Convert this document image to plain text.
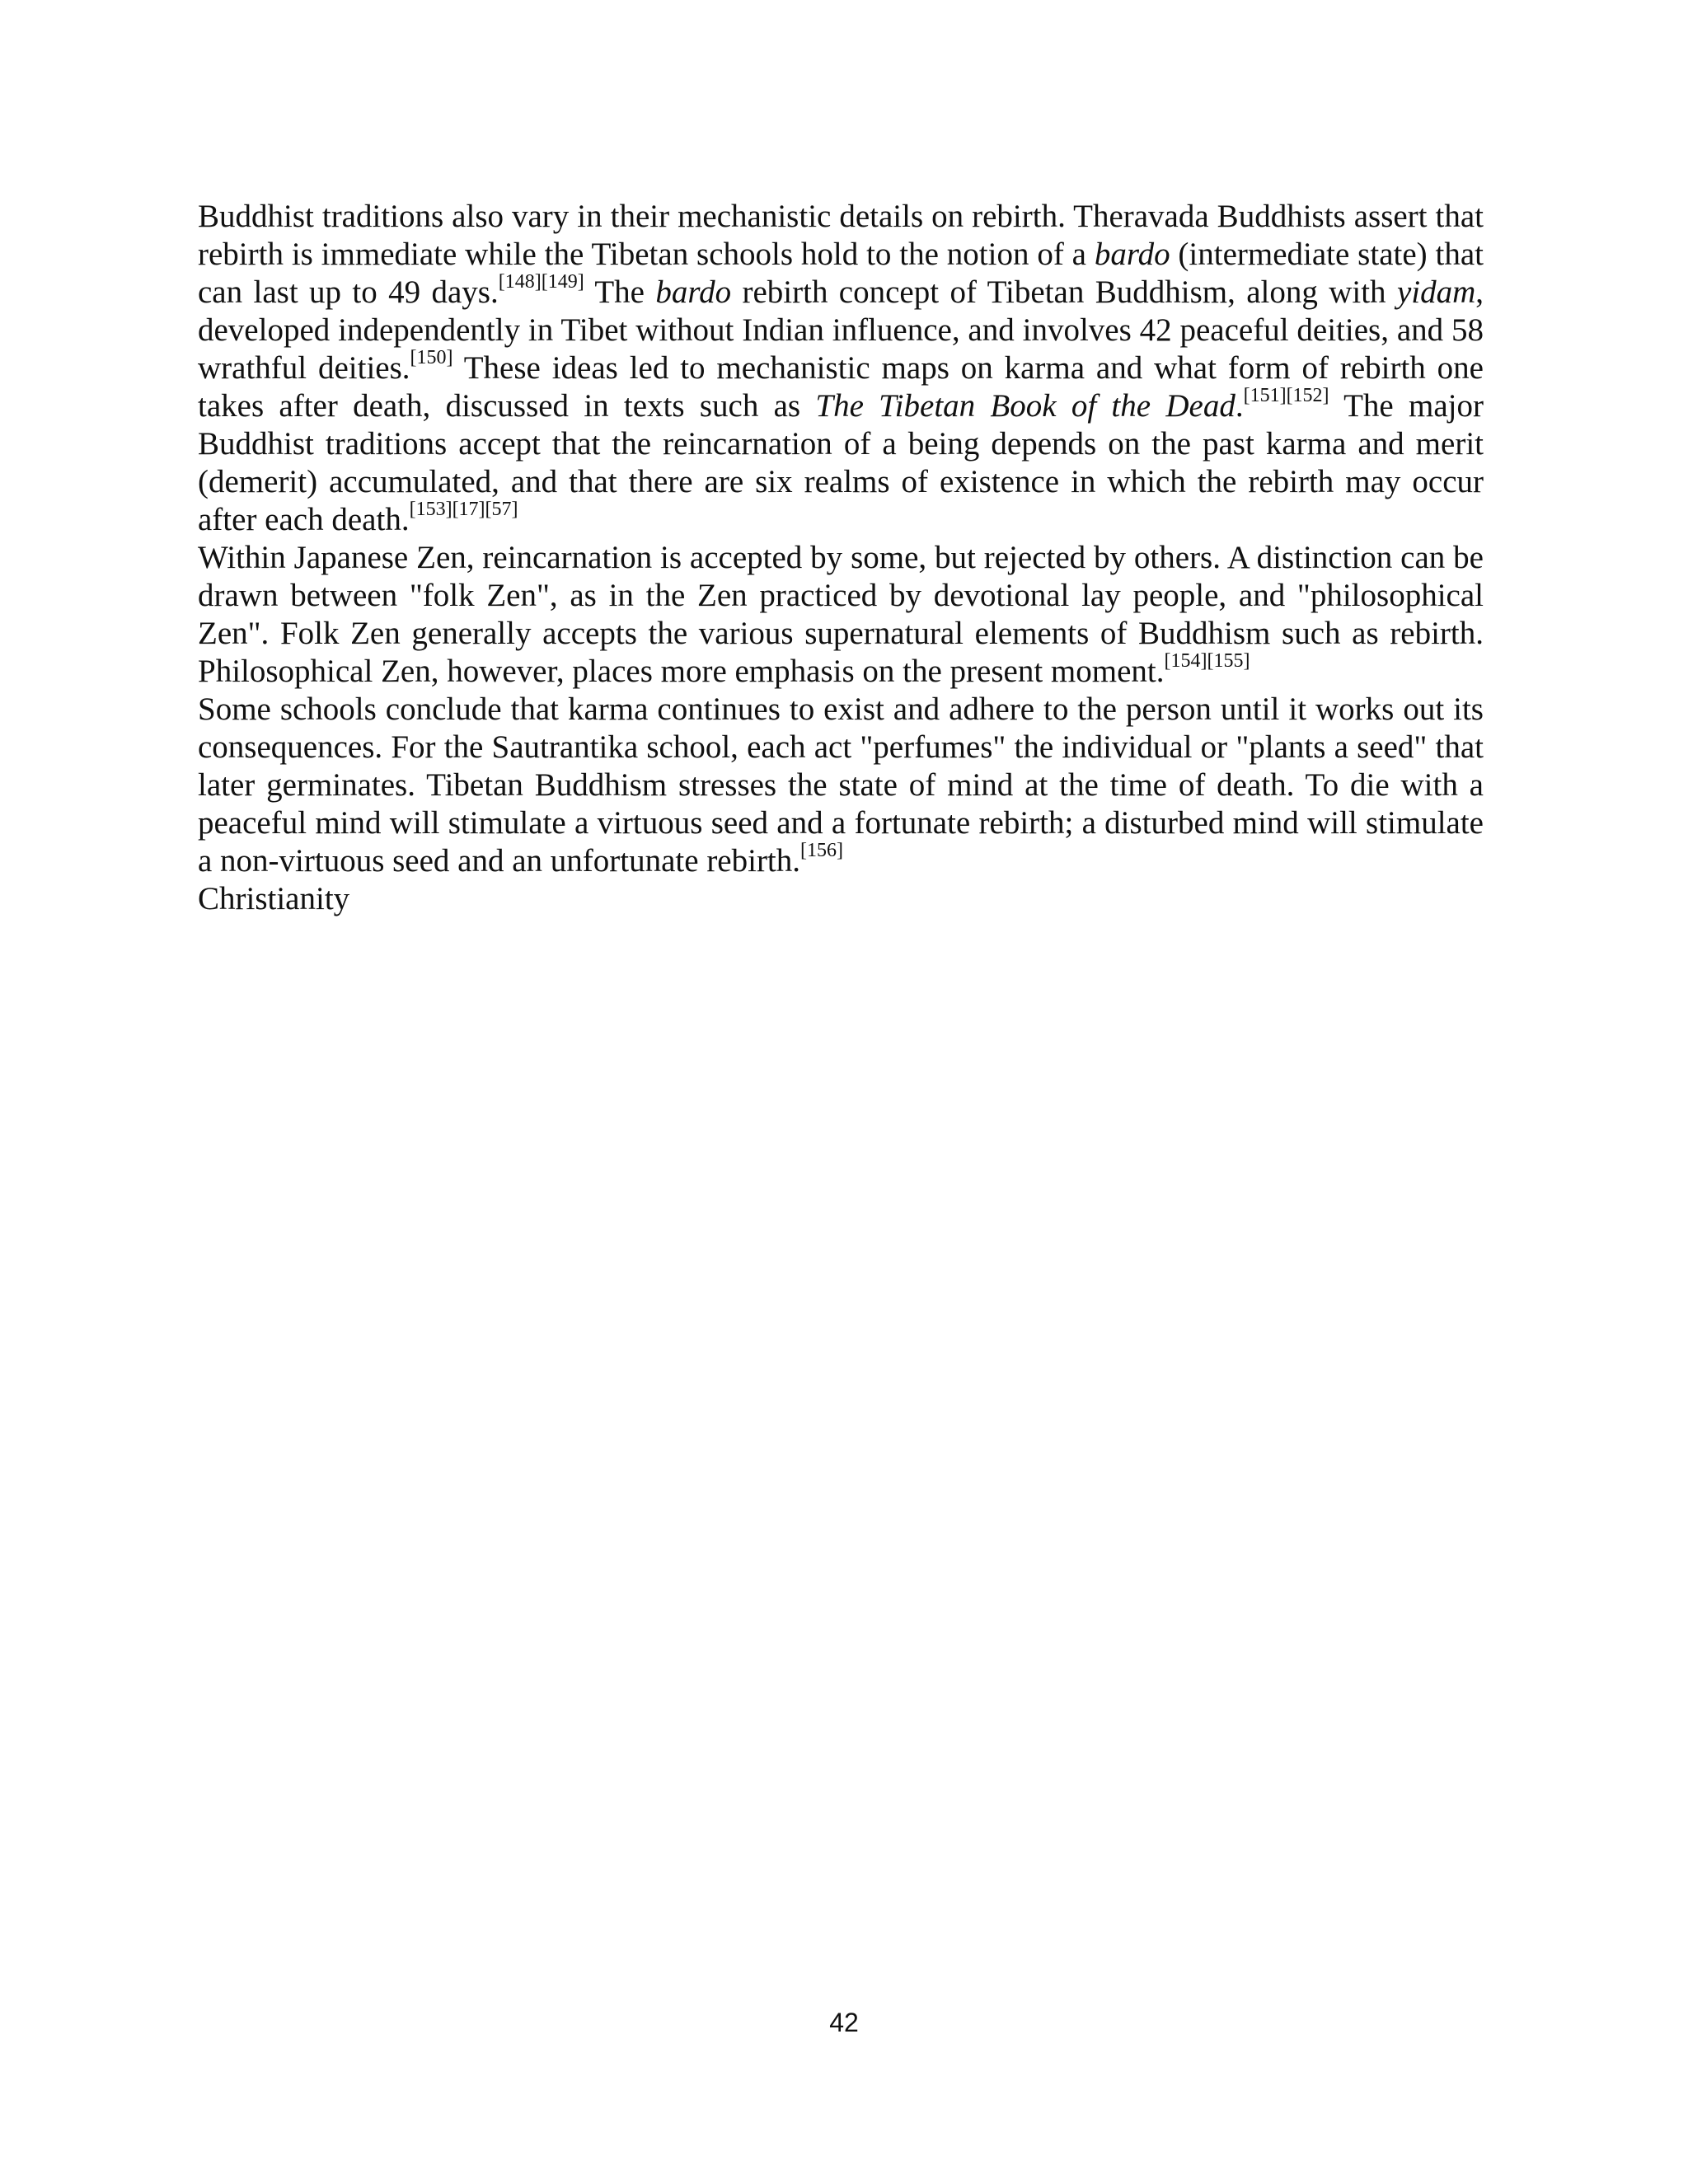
Buddhist traditions also vary in their mechanistic details on rebirth. Theravada Buddhists assert that rebirth is immediate while the Tibetan schools hold to the notion of a bardo (intermediate state) that can last up to 49 days.[148][149] The bardo rebirth concept of Tibetan Buddhism, along with yidam, developed independently in Tibet without Indian influence, and involves 42 peaceful deities, and 58 wrathful deities.[150] These ideas led to mechanistic maps on karma and what form of rebirth one takes after death, discussed in texts such as The Tibetan Book of the Dead.[151][152] The major Buddhist traditions accept that the reincarnation of a being depends on the past karma and merit (demerit) accumulated, and that there are six realms of existence in which the rebirth may occur after each death.[153][17][57]

Within Japanese Zen, reincarnation is accepted by some, but rejected by others. A distinction can be drawn between "folk Zen", as in the Zen practiced by devotional lay people, and "philosophical Zen". Folk Zen generally accepts the various supernatural elements of Buddhism such as rebirth. Philosophical Zen, however, places more emphasis on the present moment.[154][155]

Some schools conclude that karma continues to exist and adhere to the person until it works out its consequences. For the Sautrantika school, each act "perfumes" the individual or "plants a seed" that later germinates. Tibetan Buddhism stresses the state of mind at the time of death. To die with a peaceful mind will stimulate a virtuous seed and a fortunate rebirth; a disturbed mind will stimulate a non-virtuous seed and an unfortunate rebirth.[156]

Christianity

42
